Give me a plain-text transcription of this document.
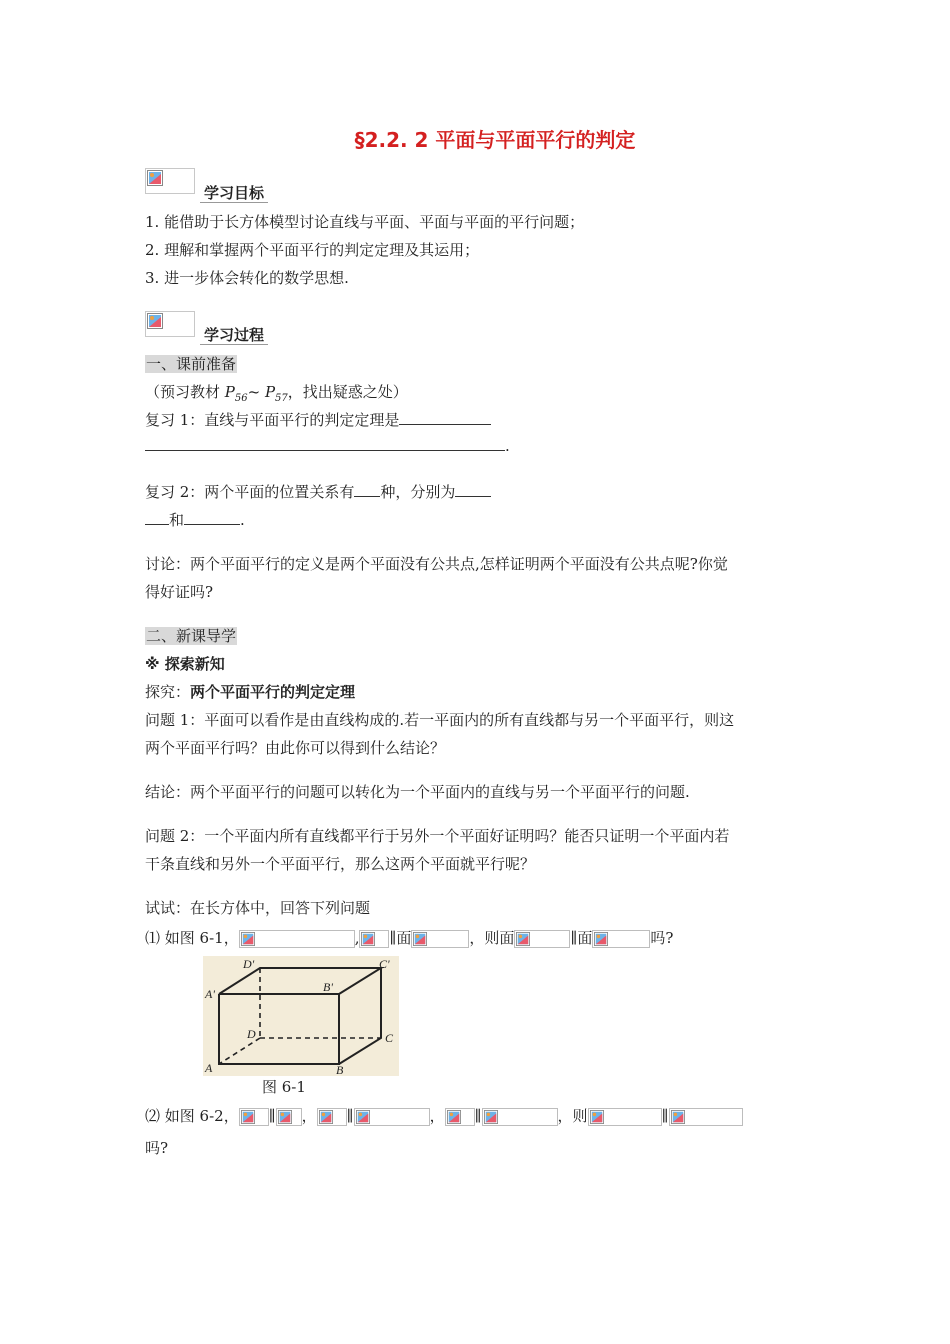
§2.2. 2 平面与平面平行的判定
学习目标
1. 能借助于长方体模型讨论直线与平面、平面与平面的平行问题；
2. 理解和掌握两个平面平行的判定定理及其运用；
3. 进一步体会转化的数学思想.
学习过程
一、课前准备
（预习教材 $P_{56}\sim$ $P_{57}$，找出疑惑之处）
复习 1：直线与平面平行的判定定理是
.
复习 2：两个平面的位置关系有 种，分别为
和	.
讨论：两个平面平行的定义是两个平面没有公共点,怎样证明两个平面没有公共点呢?你觉
得好证吗?
二、新课导学
※ 探索新知
探究：两个平面平行的判定定理
问题 1：平面可以看作是由直线构成的.若一平面内的所有直线都与另一个平面平行，则这
两个平面平行吗？由此你可以得到什么结论？
结论：两个平面平行的问题可以转化为一个平面内的直线与另一个平面平行的问题.
问题 2：一个平面内所有直线都平行于另外一个平面好证明吗？能否只证明一个平面内若
干条直线和另外一个平面平行，那么这两个平面就平行呢？
试试：在长方体中，回答下列问题
⑴ 如图 6-1，	, ∥面	，则面	∥面	吗?
D'	C'
A'	B'
D	C
A	B
图 6-1
⑵ 如图 6-2， ∥ ， ∥	， ∥	，则	∥
吗?
